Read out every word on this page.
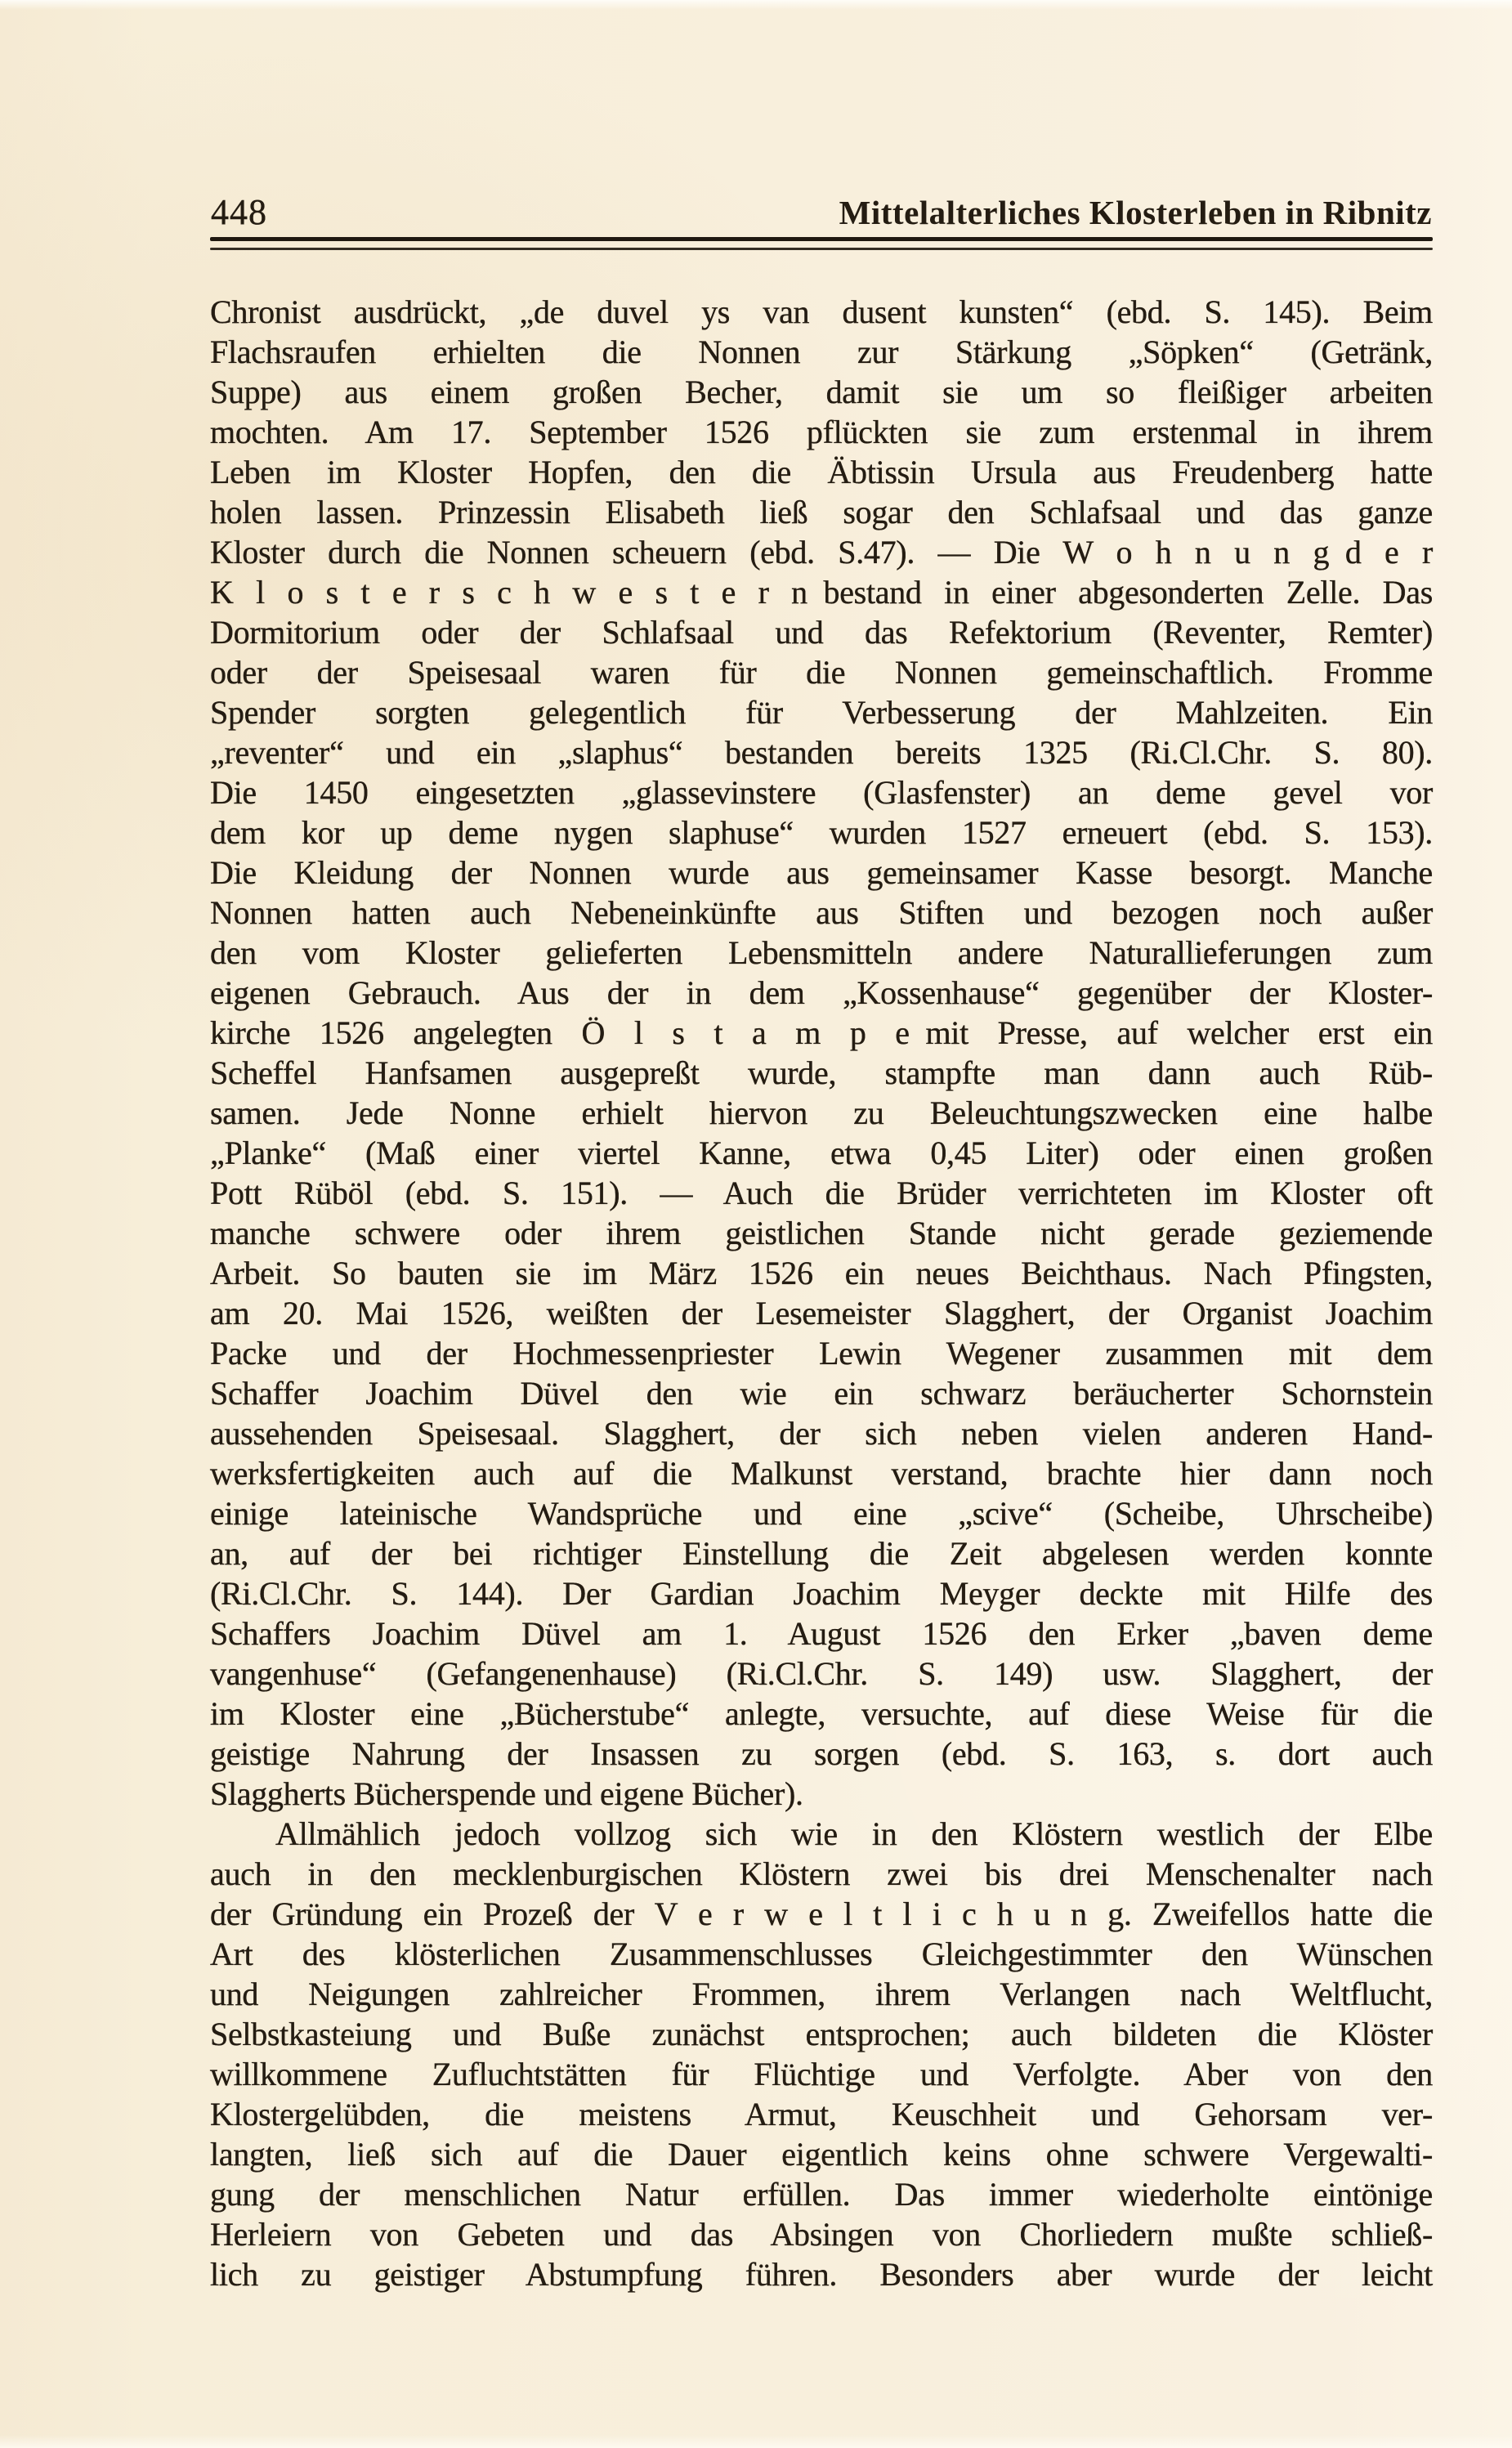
448	Mittelalterliches Klosterleben in Ribnitz
Chronist ausdrückt, „de duvel ys van dusent kunsten“ (ebd. S. 145). Beim
Flachsraufen erhielten die Nonnen zur Stärkung „Söpken“ (Getränk,
Suppe) aus einem großen Becher, damit sie um so fleißiger arbeiten
mochten. Am 17. September 1526 pflückten sie zum erstenmal in ihrem
Leben im Kloster Hopfen, den die Äbtissin Ursula aus Freudenberg hatte
holen lassen. Prinzessin Elisabeth ließ sogar den Schlafsaal und das ganze
Kloster durch die Nonnen scheuern (ebd. S.47). — Die W o h n u n g d e r
K l o s t e r s c h w e s t e r n bestand in einer abgesonderten Zelle. Das
Dormitorium oder der Schlafsaal und das Refektorium (Reventer, Remter)
oder der Speisesaal waren für die Nonnen gemeinschaftlich. Fromme
Spender sorgten gelegentlich für Verbesserung der Mahlzeiten. Ein
„reventer“ und ein „slaphus“ bestanden bereits 1325 (Ri.Cl.Chr. S. 80).
Die 1450 eingesetzten „glassevinstere (Glasfenster) an deme gevel vor
dem kor up deme nygen slaphuse“ wurden 1527 erneuert (ebd. S. 153).
Die Kleidung der Nonnen wurde aus gemeinsamer Kasse besorgt. Manche
Nonnen hatten auch Nebeneinkünfte aus Stiften und bezogen noch außer
den vom Kloster gelieferten Lebensmitteln andere Naturallieferungen zum
eigenen Gebrauch. Aus der in dem „Kossenhause“ gegenüber der Kloster-
kirche 1526 angelegten Ö l s t a m p e mit Presse, auf welcher erst ein
Scheffel Hanfsamen ausgepreßt wurde, stampfte man dann auch Rüb-
samen. Jede Nonne erhielt hiervon zu Beleuchtungszwecken eine halbe
„Planke“ (Maß einer viertel Kanne, etwa 0,45 Liter) oder einen großen
Pott Rüböl (ebd. S. 151). — Auch die Brüder verrichteten im Kloster oft
manche schwere oder ihrem geistlichen Stande nicht gerade geziemende
Arbeit. So bauten sie im März 1526 ein neues Beichthaus. Nach Pfingsten,
am 20. Mai 1526, weißten der Lesemeister Slagghert, der Organist Joachim
Packe und der Hochmessenpriester Lewin Wegener zusammen mit dem
Schaffer Joachim Düvel den wie ein schwarz beräucherter Schornstein
aussehenden Speisesaal. Slagghert, der sich neben vielen anderen Hand-
werksfertigkeiten auch auf die Malkunst verstand, brachte hier dann noch
einige lateinische Wandsprüche und eine „scive“ (Scheibe, Uhrscheibe)
an, auf der bei richtiger Einstellung die Zeit abgelesen werden konnte
(Ri.Cl.Chr. S. 144). Der Gardian Joachim Meyger deckte mit Hilfe des
Schaffers Joachim Düvel am 1. August 1526 den Erker „baven deme
vangenhuse“ (Gefangenenhause) (Ri.Cl.Chr. S. 149) usw. Slagghert, der
im Kloster eine „Bücherstube“ anlegte, versuchte, auf diese Weise für die
geistige Nahrung der Insassen zu sorgen (ebd. S. 163, s. dort auch
Slaggherts Bücherspende und eigene Bücher).
Allmählich jedoch vollzog sich wie in den Klöstern westlich der Elbe
auch in den mecklenburgischen Klöstern zwei bis drei Menschenalter nach
der Gründung ein Prozeß der V e r w e l t l i c h u n g. Zweifellos hatte die
Art des klösterlichen Zusammenschlusses Gleichgestimmter den Wünschen
und Neigungen zahlreicher Frommen, ihrem Verlangen nach Weltflucht,
Selbstkasteiung und Buße zunächst entsprochen; auch bildeten die Klöster
willkommene Zufluchtstätten für Flüchtige und Verfolgte. Aber von den
Klostergelübden, die meistens Armut, Keuschheit und Gehorsam ver-
langten, ließ sich auf die Dauer eigentlich keins ohne schwere Vergewalti-
gung der menschlichen Natur erfüllen. Das immer wiederholte eintönige
Herleiern von Gebeten und das Absingen von Chorliedern mußte schließ-
lich zu geistiger Abstumpfung führen. Besonders aber wurde der leicht
